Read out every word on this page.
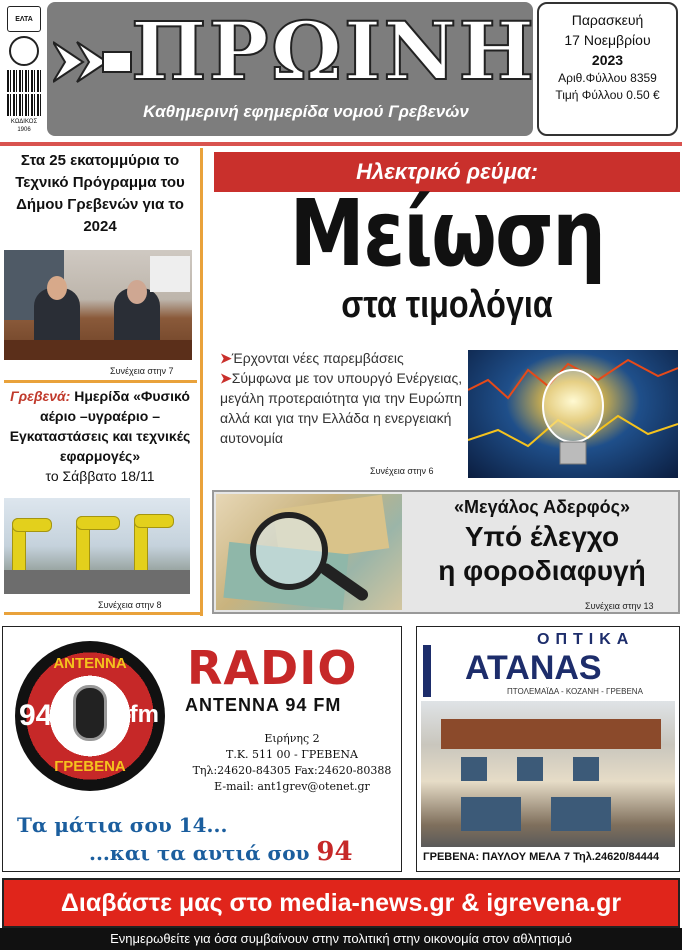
ΕΛΤΑ
ΚΩΔΙΚΟΣ 1906
ΠΡΩΙΝΗ
Καθημερινή εφημερίδα νομού Γρεβενών
Παρασκευή
17 Νοεμβρίου
2023
Αριθ.Φύλλου 8359
Τιμή Φύλλου 0.50 €
Στα 25 εκατομμύρια το Τεχνικό Πρόγραμμα του Δήμου Γρεβενών για το 2024
Συνέχεια στην 7
Γρεβενά: Ημερίδα «Φυσικό αέριο –υγραέριο – Εγκαταστάσεις και τεχνικές εφαρμογές»
το Σάββατο 18/11
Συνέχεια στην 8
Ηλεκτρικό ρεύμα:
Μείωση
στα τιμολόγια
➤Έρχονται νέες παρεμβάσεις
➤Σύμφωνα με τον υπουργό Ενέργειας, μεγάλη προτεραιότητα για την Ευρώπη αλλά και για την Ελλάδα η ενεργειακή αυτονομία
Συνέχεια στην 6
«Μεγάλος Αδερφός»
Υπό έλεγχο
η φοροδιαφυγή
Συνέχεια στην 13
ΑΝΤΕΝΝΑ
94	fm
ΓΡΕΒΕΝΑ
RADIO
ANTENNA 94 FM
Ειρήνης 2
Τ.Κ. 511 00 - ΓΡΕΒΕΝΑ
Τηλ:24620-84305 Fax:24620-80388
E-mail: ant1grev@otenet.gr
Τα μάτια σου 14...
...και τα αυτιά σου 94
ΟΠΤΙΚΑ
ATANAS
ΠΤΟΛΕΜΑΪΔΑ - ΚΟΖΑΝΗ - ΓΡΕΒΕΝΑ
ΓΡΕΒΕΝΑ: ΠΑΥΛΟΥ ΜΕΛΑ 7 Τηλ.24620/84444
Διαβάστε μας στο media-news.gr & igrevena.gr
Ενημερωθείτε για όσα συμβαίνουν στην πολιτική στην οικονομία στον αθλητισμό
